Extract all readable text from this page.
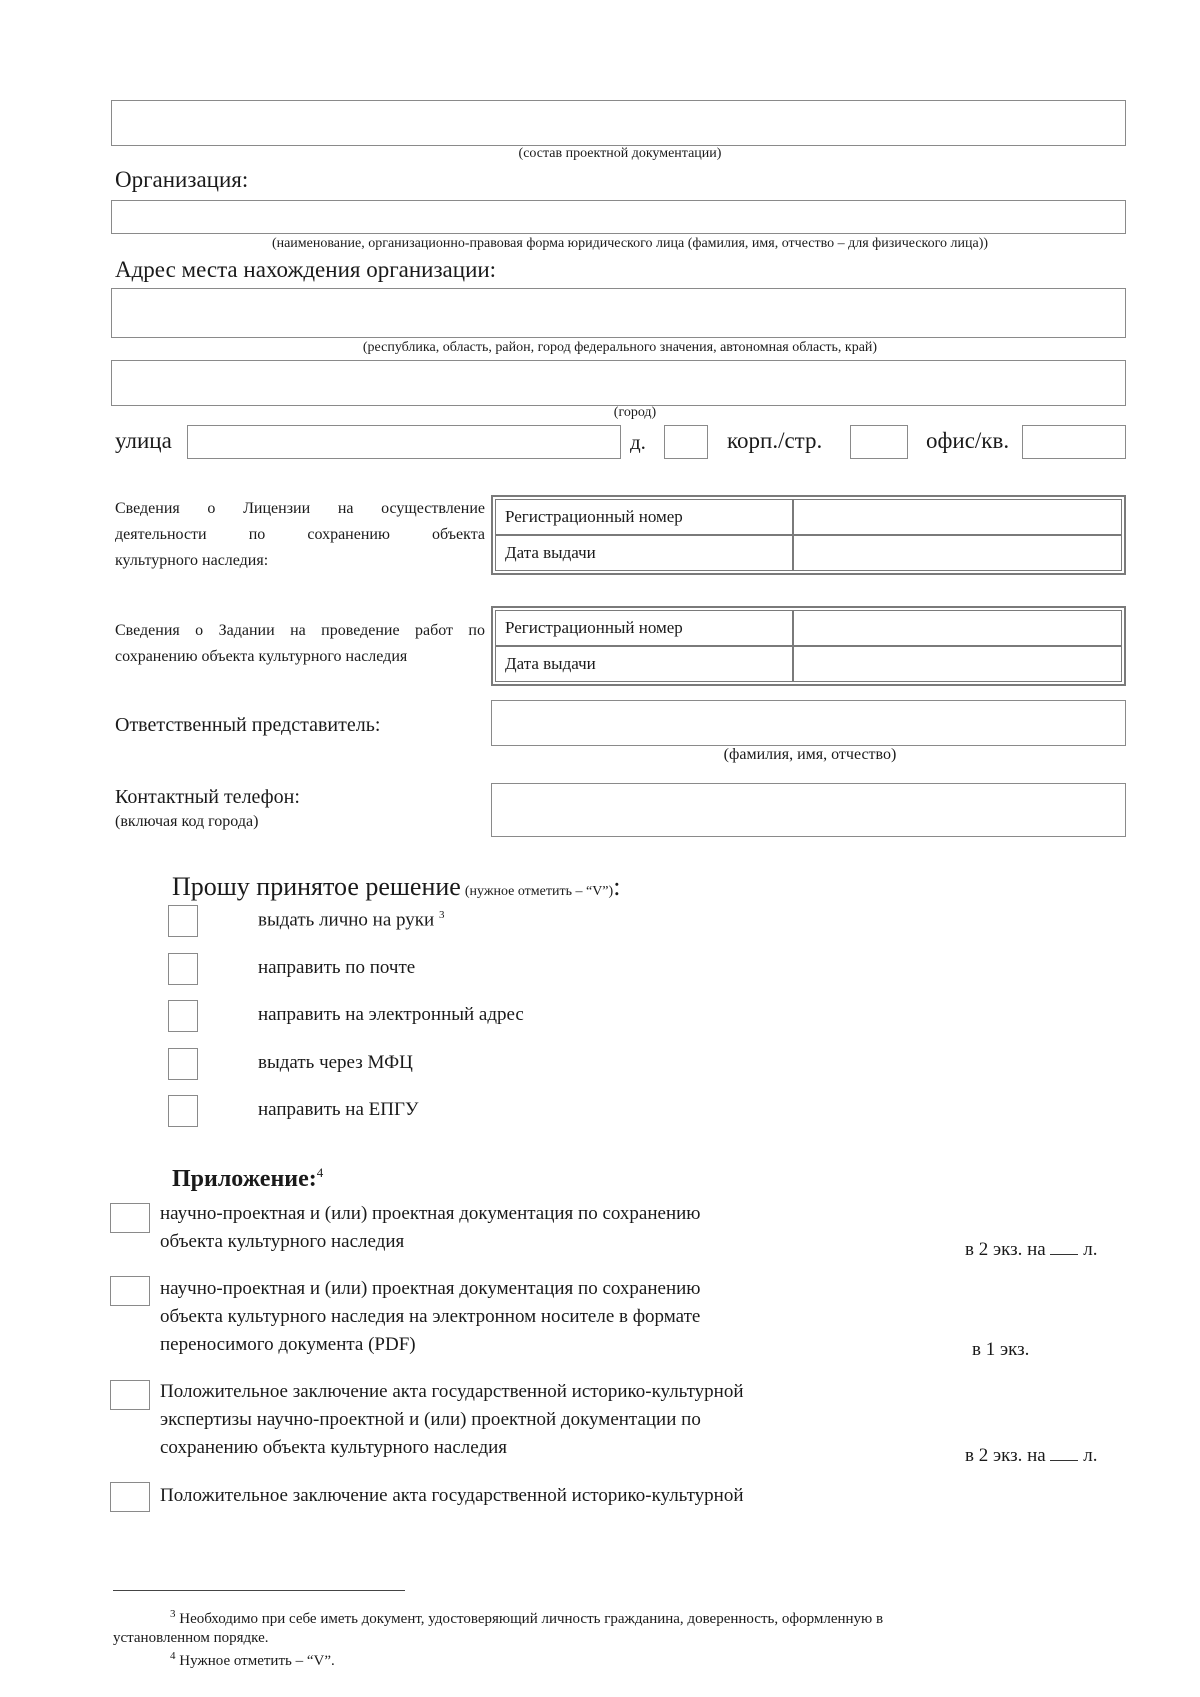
(состав проектной документации)
Организация:
(наименование, организационно-правовая форма юридического лица (фамилия, имя, отчество – для физического лица))
Адрес места нахождения организации:
(республика, область, район, город федерального значения, автономная область, край)
(город)
улица	д.	корп./стр.	офис/кв.
Сведения о Лицензии на осуществление
деятельности по сохранению объекта
культурного наследия:
Регистрационный номер
Дата выдачи
Сведения о Задании на проведение работ по
сохранению объекта культурного наследия
Регистрационный номер
Дата выдачи
Ответственный представитель:
(фамилия, имя, отчество)
Контактный телефон:
(включая код города)
Прошу принятое решение (нужное отметить – “V”):
выдать лично на руки $^3$
направить по почте
направить на электронный адрес
выдать через МФЦ
направить на ЕПГУ
Приложение:$^4$
научно-проектная и (или) проектная документация по сохранению
объекта культурного наследия	в 2 экз. на л.
научно-проектная и (или) проектная документация по сохранению
объекта культурного наследия на электронном носителе в формате
переносимого документа (PDF)	в 1 экз.
Положительное заключение акта государственной историко-культурной
экспертизы научно-проектной и (или) проектной документации по
сохранению объекта культурного наследия	в 2 экз. на л.
Положительное заключение акта государственной историко-культурной
$^3$ Необходимо при себе иметь документ, удостоверяющий личность гражданина, доверенность, оформленную в
установленном порядке.
$^4$ Нужное отметить – “V”.
